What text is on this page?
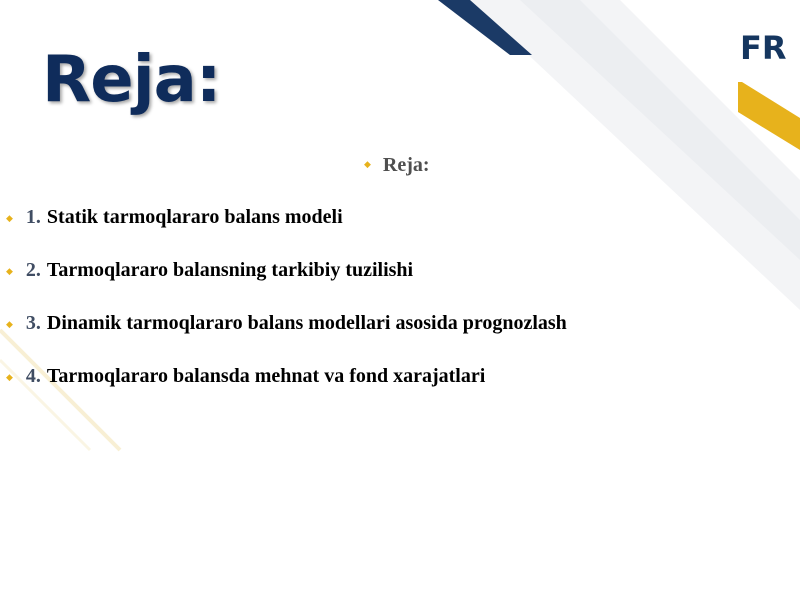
Reja:	FR
◆ Reja:
◆ 1. Statik tarmoqlararo balans modeli
◆ 2. Tarmoqlararo balansning tarkibiy tuzilishi
◆ 3. Dinamik tarmoqlararo balans modellari asosida prognozlash
◆ 4. Tarmoqlararo balansda mehnat va fond xarajatlari
